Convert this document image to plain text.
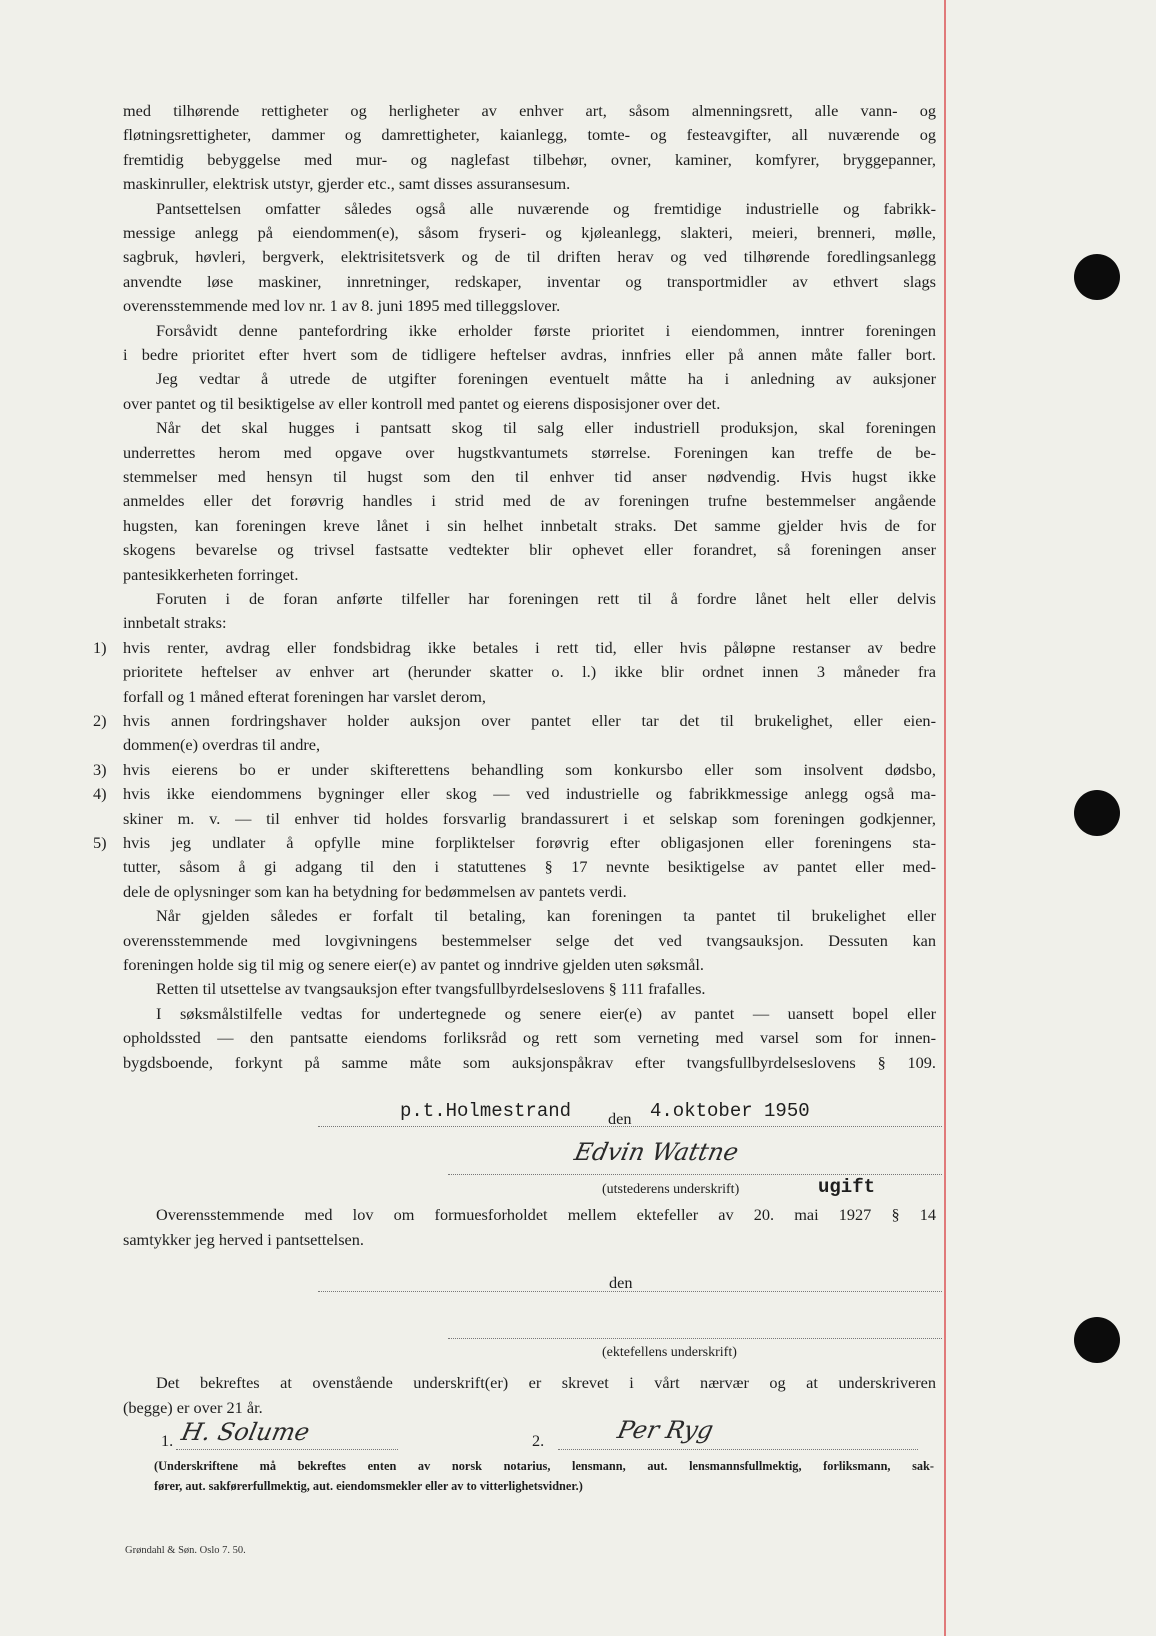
med tilhørende rettigheter og herligheter av enhver art, såsom almenningsrett, alle vann- og
fløtningsrettigheter, dammer og damrettigheter, kaianlegg, tomte- og festeavgifter, all nuværende og
fremtidig bebyggelse med mur- og naglefast tilbehør, ovner, kaminer, komfyrer, bryggepanner,
maskinruller, elektrisk utstyr, gjerder etc., samt disses assuransesum.
Pantsettelsen omfatter således også alle nuværende og fremtidige industrielle og fabrikk-
messige anlegg på eiendommen(e), såsom fryseri- og kjøleanlegg, slakteri, meieri, brenneri, mølle,
sagbruk, høvleri, bergverk, elektrisitetsverk og de til driften herav og ved tilhørende foredlingsanlegg
anvendte løse maskiner, innretninger, redskaper, inventar og transportmidler av ethvert slags
overensstemmende med lov nr. 1 av 8. juni 1895 med tilleggslover.
Forsåvidt denne pantefordring ikke erholder første prioritet i eiendommen, inntrer foreningen
i bedre prioritet efter hvert som de tidligere heftelser avdras, innfries eller på annen måte faller bort.
Jeg vedtar å utrede de utgifter foreningen eventuelt måtte ha i anledning av auksjoner
over pantet og til besiktigelse av eller kontroll med pantet og eierens disposisjoner over det.
Når det skal hugges i pantsatt skog til salg eller industriell produksjon, skal foreningen
underrettes herom med opgave over hugstkvantumets størrelse. Foreningen kan treffe de be-
stemmelser med hensyn til hugst som den til enhver tid anser nødvendig. Hvis hugst ikke
anmeldes eller det forøvrig handles i strid med de av foreningen trufne bestemmelser angående
hugsten, kan foreningen kreve lånet i sin helhet innbetalt straks. Det samme gjelder hvis de for
skogens bevarelse og trivsel fastsatte vedtekter blir ophevet eller forandret, så foreningen anser
pantesikkerheten forringet.
Foruten i de foran anførte tilfeller har foreningen rett til å fordre lånet helt eller delvis
innbetalt straks:
hvis renter, avdrag eller fondsbidrag ikke betales i rett tid, eller hvis påløpne restanser av bedre
1)
prioritete heftelser av enhver art (herunder skatter o. l.) ikke blir ordnet innen 3 måneder fra
forfall og 1 måned efterat foreningen har varslet derom,
hvis annen fordringshaver holder auksjon over pantet eller tar det til brukelighet, eller eien-
2)
dommen(e) overdras til andre,
hvis eierens bo er under skifterettens behandling som konkursbo eller som insolvent dødsbo,
3)
hvis ikke eiendommens bygninger eller skog — ved industrielle og fabrikkmessige anlegg også ma-
4)
skiner m. v. — til enhver tid holdes forsvarlig brandassurert i et selskap som foreningen godkjenner,
hvis jeg undlater å opfylle mine forpliktelser forøvrig efter obligasjonen eller foreningens sta-
5)
tutter, såsom å gi adgang til den i statuttenes § 17 nevnte besiktigelse av pantet eller med-
dele de oplysninger som kan ha betydning for bedømmelsen av pantets verdi.
Når gjelden således er forfalt til betaling, kan foreningen ta pantet til brukelighet eller
overensstemmende med lovgivningens bestemmelser selge det ved tvangsauksjon. Dessuten kan
foreningen holde sig til mig og senere eier(e) av pantet og inndrive gjelden uten søksmål.
Retten til utsettelse av tvangsauksjon efter tvangsfullbyrdelseslovens § 111 frafalles.
I søksmålstilfelle vedtas for undertegnede og senere eier(e) av pantet — uansett bopel eller
opholdssted — den pantsatte eiendoms forliksråd og rett som verneting med varsel som for innen-
bygdsboende, forkynt på samme måte som auksjonspåkrav efter tvangsfullbyrdelseslovens § 109.
p.t.Holmestrand den 4.oktober 1950
Edvin Wattne
(utstederens underskrift)	ugift
Overensstemmende med lov om formuesforholdet mellem ektefeller av 20. mai 1927 § 14
samtykker jeg herved i pantsettelsen.
den
(ektefellens underskrift)
Det bekreftes at ovenstående underskrift(er) er skrevet i vårt nærvær og at underskriveren
(begge) er over 21 år.
1. H. Solume	2.	Per Ryg
(Underskriftene må bekreftes enten av norsk notarius, lensmann, aut. lensmannsfullmektig, forliksmann, sak-
fører, aut. sakførerfullmektig, aut. eiendomsmekler eller av to vitterlighetsvidner.)
Grøndahl & Søn. Oslo 7. 50.
